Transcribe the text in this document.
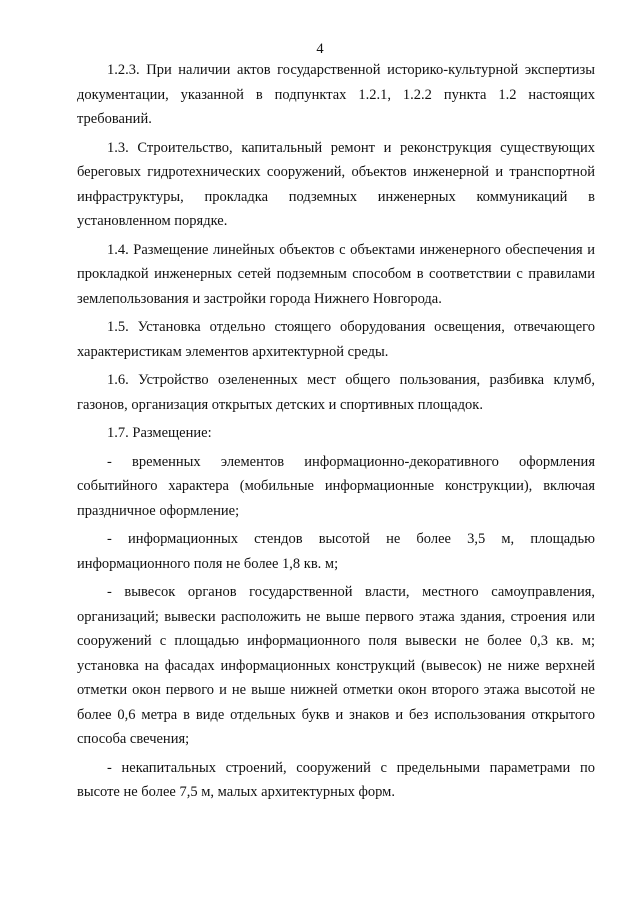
4

1.2.3. При наличии актов государственной историко-культурной экспертизы документации, указанной в подпунктах 1.2.1, 1.2.2 пункта 1.2 настоящих требований.

1.3. Строительство, капитальный ремонт и реконструкция существующих береговых гидротехнических сооружений, объектов инженерной и транспортной инфраструктуры, прокладка подземных инженерных коммуникаций в установленном порядке.

1.4. Размещение линейных объектов с объектами инженерного обеспечения и прокладкой инженерных сетей подземным способом в соответствии с правилами землепользования и застройки города Нижнего Новгорода.

1.5. Установка отдельно стоящего оборудования освещения, отвечающего характеристикам элементов архитектурной среды.

1.6. Устройство озелененных мест общего пользования, разбивка клумб, газонов, организация открытых детских и спортивных площадок.

1.7. Размещение:

- временных элементов информационно-декоративного оформления событийного характера (мобильные информационные конструкции), включая праздничное оформление;

- информационных стендов высотой не более 3,5 м, площадью информационного поля не более 1,8 кв. м;

- вывесок органов государственной власти, местного самоуправления, организаций; вывески расположить не выше первого этажа здания, строения или сооружений с площадью информационного поля вывески не более 0,3 кв. м; установка на фасадах информационных конструкций (вывесок) не ниже верхней отметки окон первого и не выше нижней отметки окон второго этажа высотой не более 0,6 метра в виде отдельных букв и знаков и без использования открытого способа свечения;

- некапитальных строений, сооружений с предельными параметрами по высоте не более 7,5 м, малых архитектурных форм.
